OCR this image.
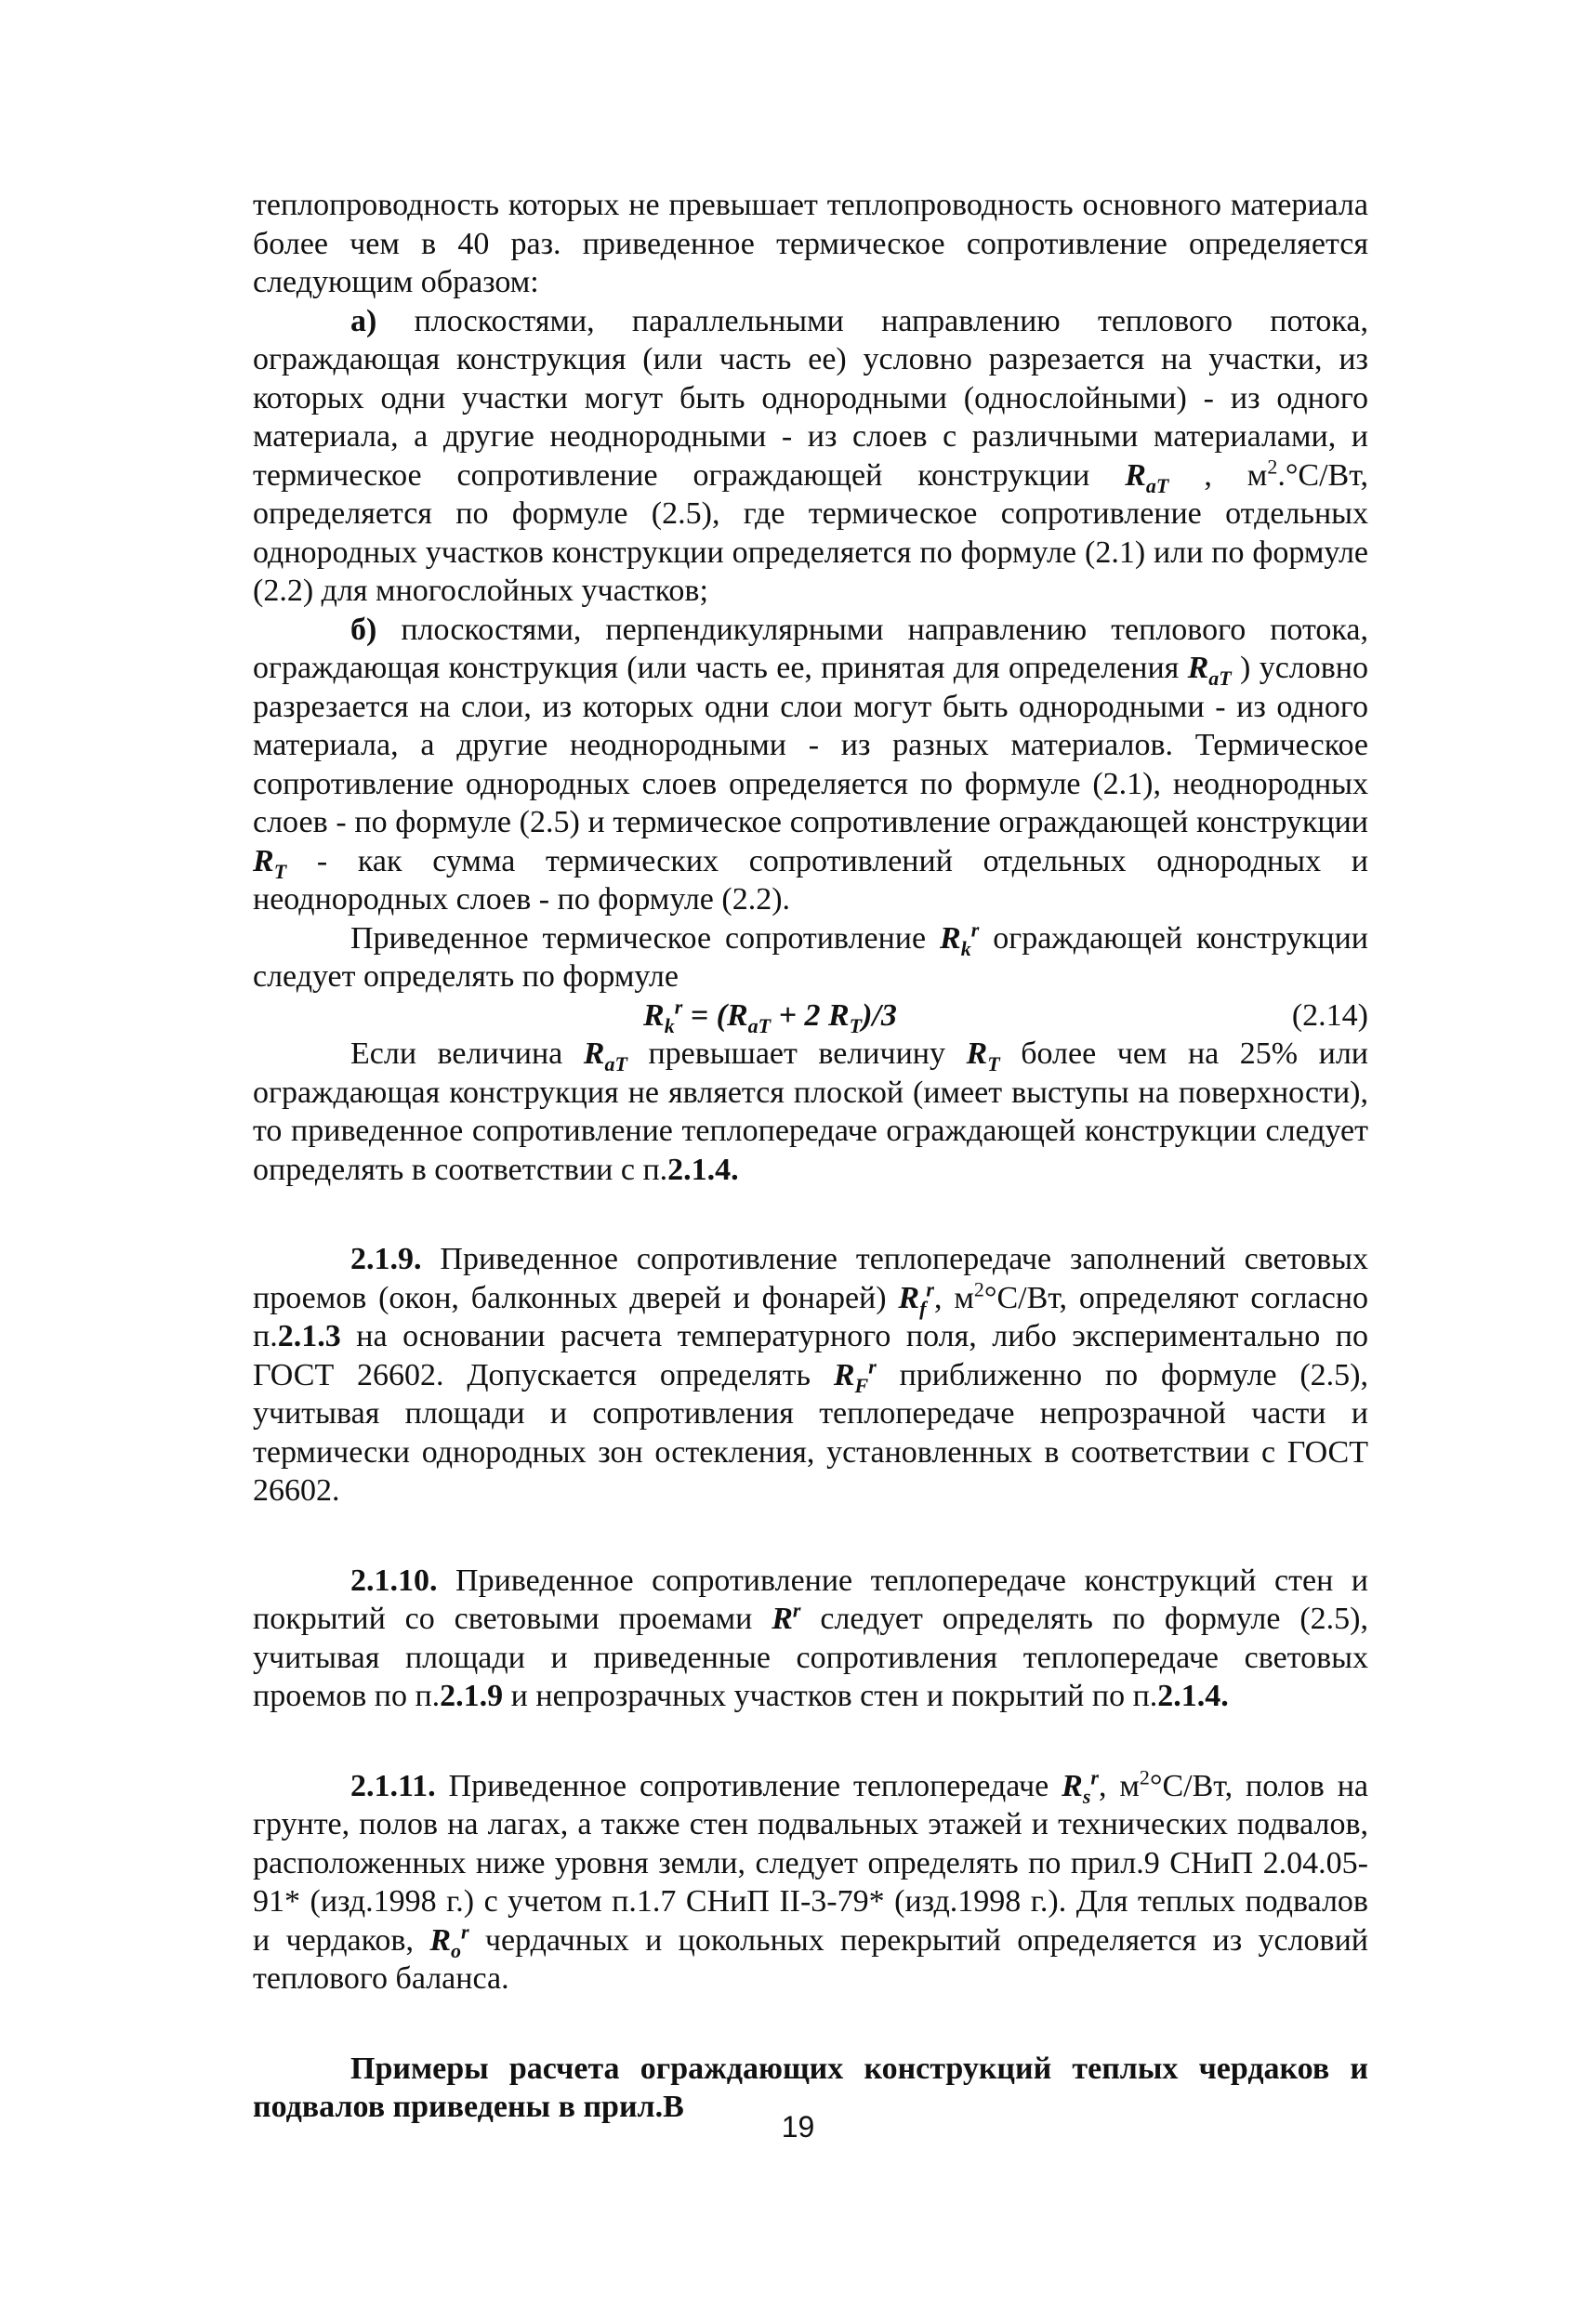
теплопроводность которых не превышает теплопроводность основного материала более чем в 40 раз. приведенное термическое сопротивление определяется следующим образом:

а) плоскостями, параллельными направлению теплового потока, ограждающая конструкция (или часть ее) условно разрезается на участки, из которых одни участки могут быть однородными (однослойными) - из одного материала, а другие неоднородными - из слоев с различными материалами, и термическое сопротивление ограждающей конструкции $R_{aT}$ , $м^2.^\circ С/Вт$, определяется по формуле (2.5), где термическое сопротивление отдельных однородных участков конструкции определяется по формуле (2.1) или по формуле (2.2) для многослойных участков;

б) плоскостями, перпендикулярными направлению теплового потока, ограждающая конструкция (или часть ее, принятая для определения $R_{aT}$ ) условно разрезается на слои, из которых одни слои могут быть однородными - из одного материала, а другие неоднородными - из разных материалов. Термическое сопротивление однородных слоев определяется по формуле (2.1), неоднородных слоев - по формуле (2.5) и термическое сопротивление ограждающей конструкции $R_T$ - как сумма термических сопротивлений отдельных однородных и неоднородных слоев - по формуле (2.2).

Приведенное термическое сопротивление $R_k^r$ ограждающей конструкции следует определять по формуле

$R_k^r = (R_{aT} + 2$ $R_T)/3$	(2.14)

Если величина $R_{aT}$ превышает величину $R_T$ более чем на 25% или ограждающая конструкция не является плоской (имеет выступы на поверхности), то приведенное сопротивление теплопередаче ограждающей конструкции следует определять в соответствии с п.2.1.4.

2.1.9. Приведенное сопротивление теплопередаче заполнений световых проемов (окон, балконных дверей и фонарей) $R_f^r$, $м^2^\circ С/Вт$, определяют согласно п.2.1.3 на основании расчета температурного поля, либо экспериментально по ГОСТ 26602. Допускается определять $R_F^r$ приближенно по формуле (2.5), учитывая площади и сопротивления теплопередаче непрозрачной части и термически однородных зон остекления, установленных в соответствии с ГОСТ 26602.

2.1.10. Приведенное сопротивление теплопередаче конструкций стен и покрытий со световыми проемами $R^r$ следует определять по формуле (2.5), учитывая площади и приведенные сопротивления теплопередаче световых проемов по п.2.1.9 и непрозрачных участков стен и покрытий по п.2.1.4.

2.1.11. Приведенное сопротивление теплопередаче $R_s^r$, $м^2^\circ С/Вт$, полов на грунте, полов на лагах, а также стен подвальных этажей и технических подвалов, расположенных ниже уровня земли, следует определять по прил.9 СНиП 2.04.05-91* (изд.1998 г.) с учетом п.1.7 СНиП II-3-79* (изд.1998 г.). Для теплых подвалов и чердаков, $R_o^r$ чердачных и цокольных перекрытий определяется из условий теплового баланса.

Примеры расчета ограждающих конструкций теплых чердаков и подвалов приведены в прил.В

19
